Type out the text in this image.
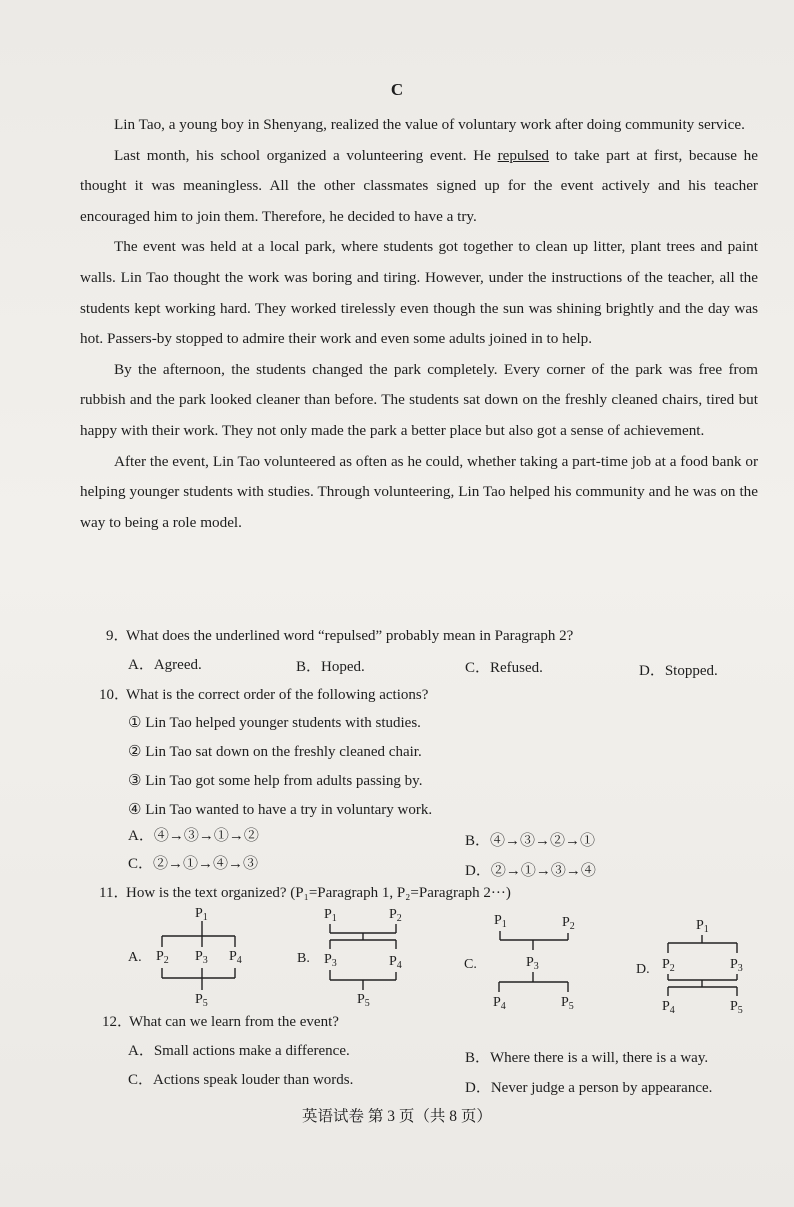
C

Lin Tao, a young boy in Shenyang, realized the value of voluntary work after doing community service.

Last month, his school organized a volunteering event. He repulsed to take part at first, because he thought it was meaningless. All the other classmates signed up for the event actively and his teacher encouraged him to join them. Therefore, he decided to have a try.

The event was held at a local park, where students got together to clean up litter, plant trees and paint walls. Lin Tao thought the work was boring and tiring. However, under the instructions of the teacher, all the students kept working hard. They worked tirelessly even though the sun was shining brightly and the day was hot. Passers-by stopped to admire their work and even some adults joined in to help.

By the afternoon, the students changed the park completely. Every corner of the park was free from rubbish and the park looked cleaner than before. The students sat down on the freshly cleaned chairs, tired but happy with their work. They not only made the park a better place but also got a sense of achievement.

After the event, Lin Tao volunteered as often as he could, whether taking a part-time job at a food bank or helping younger students with studies. Through volunteering, Lin Tao helped his community and he was on the way to being a role model.

9．What does the underlined word “repulsed” probably mean in Paragraph 2?
A．Agreed.	B．Hoped.	C．Refused.	D．Stopped.
10．What is the correct order of the following actions?
① Lin Tao helped younger students with studies.
② Lin Tao sat down on the freshly cleaned chair.
③ Lin Tao got some help from adults passing by.
④ Lin Tao wanted to have a try in voluntary work.
A．④→③→①→②	B．④→③→②→①
C．②→①→④→③	D．②→①→③→④
11．How is the text organized? (P₁=Paragraph 1, P₂=Paragraph 2···)
A.
$P_1$
$P_2$ $P_3$ $P_4$
$P_5$
B.
$P_1$	$P_2$
$P_3$	$P_4$
$P_5$
C.
$P_1$	$P_2$
$P_3$
$P_4$	$P_5$
D.
$P_1$
$P_2$	$P_3$
$P_4$	$P_5$
12．What can we learn from the event?
A．Small actions make a difference.	B．Where there is a will, there is a way.
C．Actions speak louder than words.	D．Never judge a person by appearance.
英语试卷 第 3 页（共 8 页）
